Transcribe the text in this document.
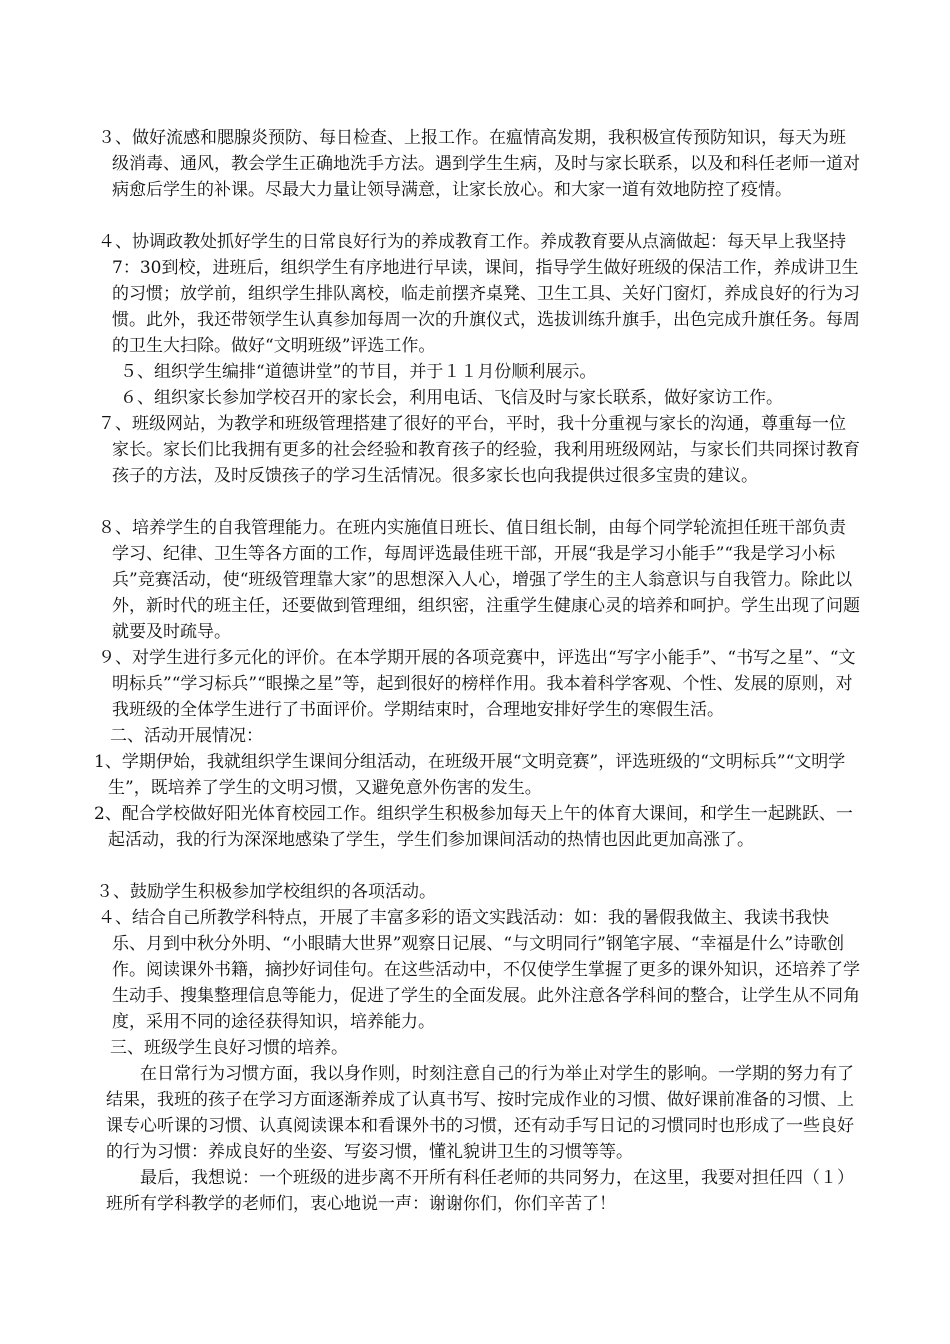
３、做好流感和腮腺炎预防、每日检查、上报工作。在瘟情高发期，我积极宣传预防知识，每天为班级消毒、通风，教会学生正确地洗手方法。遇到学生生病，及时与家长联系，以及和科任老师一道对病愈后学生的补课。尽最大力量让领导满意，让家长放心。和大家一道有效地防控了疫情。

４、协调政教处抓好学生的日常良好行为的养成教育工作。养成教育要从点滴做起：每天早上我坚持7：30到校，进班后，组织学生有序地进行早读，课间，指导学生做好班级的保洁工作，养成讲卫生的习惯；放学前，组织学生排队离校，临走前摆齐桌凳、卫生工具、关好门窗灯，养成良好的行为习惯。此外，我还带领学生认真参加每周一次的升旗仪式，选拔训练升旗手，出色完成升旗任务。每周的卫生大扫除。做好“文明班级”评选工作。

５、组织学生编排“道德讲堂”的节目，并于１１月份顺利展示。

６、组织家长参加学校召开的家长会，利用电话、飞信及时与家长联系，做好家访工作。

７、班级网站，为教学和班级管理搭建了很好的平台，平时，我十分重视与家长的沟通，尊重每一位家长。家长们比我拥有更多的社会经验和教育孩子的经验，我利用班级网站，与家长们共同探讨教育孩子的方法，及时反馈孩子的学习生活情况。很多家长也向我提供过很多宝贵的建议。

８、培养学生的自我管理能力。在班内实施值日班长、值日组长制，由每个同学轮流担任班干部负责学习、纪律、卫生等各方面的工作，每周评选最佳班干部，开展“我是学习小能手”“我是学习小标兵”竞赛活动，使“班级管理靠大家”的思想深入人心，增强了学生的主人翁意识与自我管力。除此以外，新时代的班主任，还要做到管理细，组织密，注重学生健康心灵的培养和呵护。学生出现了问题就要及时疏导。

９、对学生进行多元化的评价。在本学期开展的各项竞赛中，评选出“写字小能手”、“书写之星”、“文明标兵”“学习标兵”“眼操之星”等，起到很好的榜样作用。我本着科学客观、个性、发展的原则，对我班级的全体学生进行了书面评价。学期结束时，合理地安排好学生的寒假生活。

二、活动开展情况：

1、学期伊始，我就组织学生课间分组活动，在班级开展“文明竞赛”，评选班级的“文明标兵”“文明学生”，既培养了学生的文明习惯，又避免意外伤害的发生。

2、配合学校做好阳光体育校园工作。组织学生积极参加每天上午的体育大课间，和学生一起跳跃、一起活动，我的行为深深地感染了学生，学生们参加课间活动的热情也因此更加高涨了。

３、鼓励学生积极参加学校组织的各项活动。

４、结合自己所教学科特点，开展了丰富多彩的语文实践活动：如：我的暑假我做主、我读书我快乐、月到中秋分外明、“小眼睛大世界”观察日记展、“与文明同行”钢笔字展、“幸福是什么”诗歌创作。阅读课外书籍，摘抄好词佳句。在这些活动中，不仅使学生掌握了更多的课外知识，还培养了学生动手、搜集整理信息等能力，促进了学生的全面发展。此外注意各学科间的整合，让学生从不同角度，采用不同的途径获得知识，培养能力。

三、班级学生良好习惯的培养。

在日常行为习惯方面，我以身作则，时刻注意自己的行为举止对学生的影响。一学期的努力有了结果，我班的孩子在学习方面逐渐养成了认真书写、按时完成作业的习惯、做好课前准备的习惯、上课专心听课的习惯、认真阅读课本和看课外书的习惯，还有动手写日记的习惯同时也形成了一些良好的行为习惯：养成良好的坐姿、写姿习惯，懂礼貌讲卫生的习惯等等。

最后，我想说：一个班级的进步离不开所有科任老师的共同努力，在这里，我要对担任四（１）班所有学科教学的老师们，衷心地说一声：谢谢你们，你们辛苦了！
